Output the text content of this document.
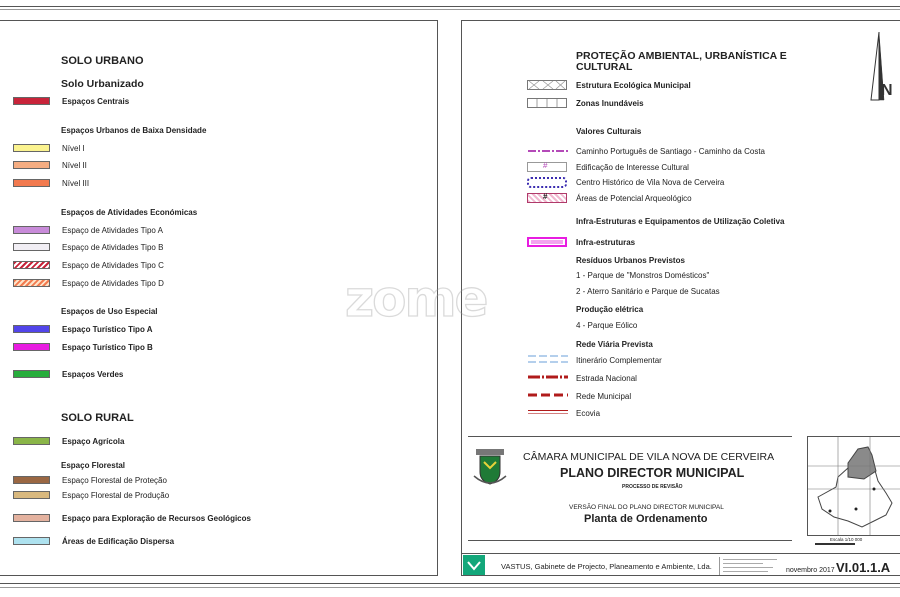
zome
SOLO URBANO
Solo Urbanizado
Espaços Centrais
Espaços Urbanos de Baixa Densidade
Nível I
Nível II
Nível III
Espaços de Atividades Económicas
Espaço de Atividades Tipo A
Espaço de Atividades Tipo B
Espaço de Atividades Tipo C
Espaço de Atividades Tipo D
Espaços de Uso Especial
Espaço Turístico Tipo A
Espaço Turístico Tipo B
Espaços Verdes
SOLO RURAL
Espaço Agrícola
Espaço Florestal
Espaço Florestal de Proteção
Espaço Florestal de Produção
Espaço para Exploração de Recursos Geológicos
Áreas de Edificação Dispersa
PROTEÇÃO AMBIENTAL, URBANÍSTICA E
CULTURAL
N
Estrutura Ecológica Municipal
Zonas Inundáveis
Valores Culturais
Caminho Português de Santiago - Caminho da Costa
#	Edificação de Interesse Cultural
Centro Histórico de Vila Nova de Cerveira
#	Áreas de Potencial Arqueológico
Infra-Estruturas e Equipamentos de Utilização Coletiva
Infra-estruturas
Resíduos Urbanos Previstos
1 - Parque de "Monstros Domésticos"
2 - Aterro Sanitário e Parque de Sucatas
Produção elétrica
4 - Parque Eólico
Rede Viária Prevista
Itinerário Complementar
Estrada Nacional
Rede Municipal
Ecovia
CÂMARA MUNICIPAL DE VILA NOVA DE CERVEIRA
PLANO DIRECTOR MUNICIPAL
PROCESSO DE REVISÃO
VERSÃO FINAL DO PLANO DIRECTOR MUNICIPAL
Planta de Ordenamento
Escala 1/10 000
VASTUS, Gabinete de Projecto, Planeamento e Ambiente, Lda.	novembro 2017 VI.01.1.A
